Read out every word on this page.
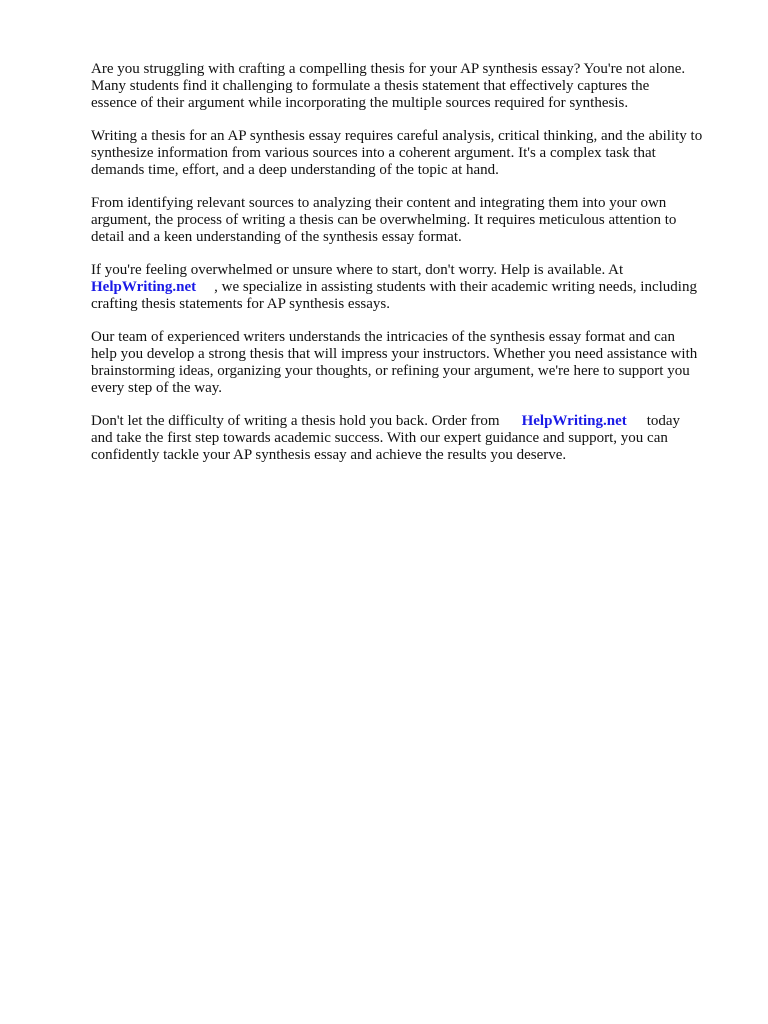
Are you struggling with crafting a compelling thesis for your AP synthesis essay? You're not alone.
Many students find it challenging to formulate a thesis statement that effectively captures the
essence of their argument while incorporating the multiple sources required for synthesis.

Writing a thesis for an AP synthesis essay requires careful analysis, critical thinking, and the ability to
synthesize information from various sources into a coherent argument. It's a complex task that
demands time, effort, and a deep understanding of the topic at hand.

From identifying relevant sources to analyzing their content and integrating them into your own
argument, the process of writing a thesis can be overwhelming. It requires meticulous attention to
detail and a keen understanding of the synthesis essay format.

If you're feeling overwhelmed or unsure where to start, don't worry. Help is available. At
HelpWriting.net , we specialize in assisting students with their academic writing needs, including
crafting thesis statements for AP synthesis essays.

Our team of experienced writers understands the intricacies of the synthesis essay format and can
help you develop a strong thesis that will impress your instructors. Whether you need assistance with
brainstorming ideas, organizing your thoughts, or refining your argument, we're here to support you
every step of the way.

Don't let the difficulty of writing a thesis hold you back. Order from HelpWriting.net today
and take the first step towards academic success. With our expert guidance and support, you can
confidently tackle your AP synthesis essay and achieve the results you deserve.
